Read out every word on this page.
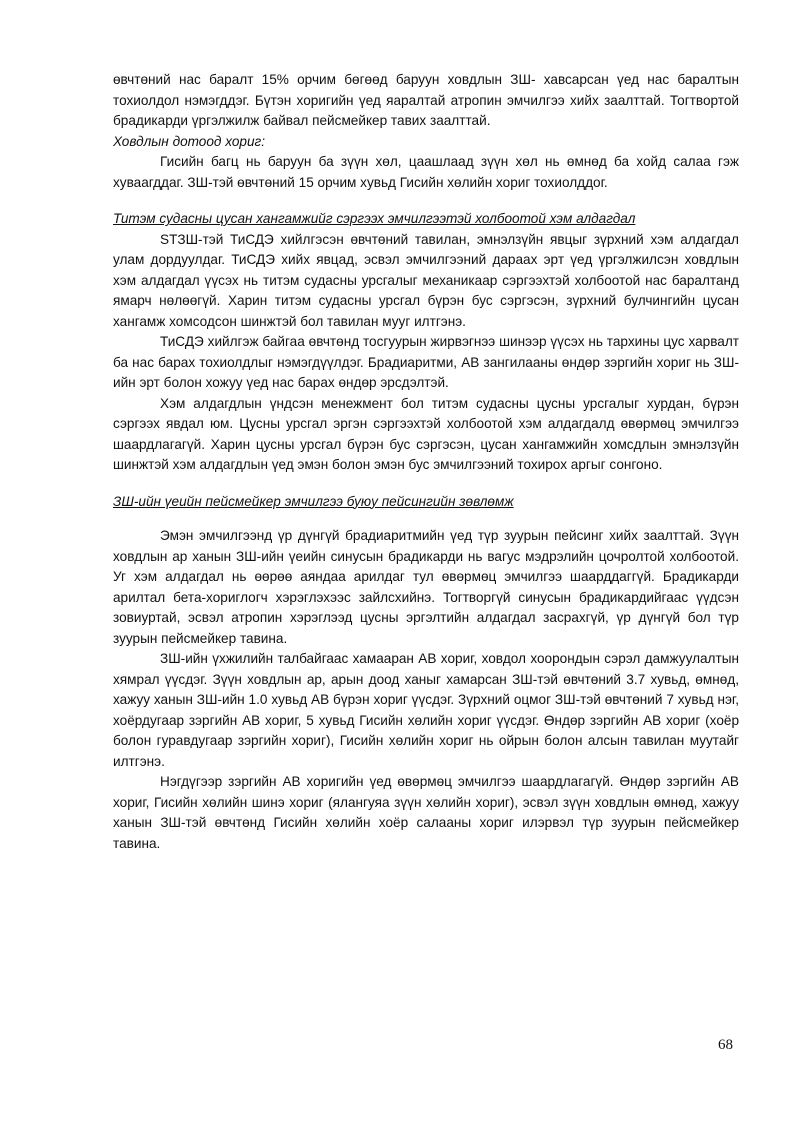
өвчтөний нас баралт 15% орчим бөгөөд баруун ховдлын ЗШ- хавсарсан үед нас баралтын тохиолдол нэмэгддэг. Бүтэн хоригийн үед яаралтай атропин эмчилгээ хийх заалттай. Тогтвортой брадикарди үргэлжилж байвал пейсмейкер тавих заалттай.

Ховдлын дотоод хориг:

Гисийн багц нь баруун ба зүүн хөл, цаашлаад зүүн хөл нь өмнөд ба хойд салаа гэж хуваагддаг. ЗШ-тэй өвчтөний 15 орчим хувьд Гисийн хөлийн хориг тохиолддог.

Титэм судасны цусан хангамжийг сэргээх эмчилгээтэй холбоотой хэм алдагдал

STЗШ-тэй ТиСДЭ хийлгэсэн өвчтөний тавилан, эмнэлзүйн явцыг зүрхний хэм алдагдал улам дордуулдаг. ТиСДЭ хийх явцад, эсвэл эмчилгээний дараах эрт үед үргэлжилсэн ховдлын хэм алдагдал үүсэх нь титэм судасны урсгалыг механикаар сэргээхтэй холбоотой нас баралтанд ямарч нөлөөгүй. Харин титэм судасны урсгал бүрэн бус сэргэсэн, зүрхний булчингийн цусан хангамж хомсодсон шинжтэй бол тавилан мууг илтгэнэ.

ТиСДЭ хийлгэж байгаа өвчтөнд тосгуурын жирвэгнээ шинээр үүсэх нь тархины цус харвалт ба нас барах тохиолдлыг нэмэгдүүлдэг. Брадиаритми, АВ зангилааны өндөр зэргийн хориг нь ЗШ-ийн эрт болон хожуу үед нас барах өндөр эрсдэлтэй.

Хэм алдагдлын үндсэн менежмент бол титэм судасны цусны урсгалыг хурдан, бүрэн сэргээх явдал юм. Цусны урсгал эргэн сэргээхтэй холбоотой хэм алдагдалд өвөрмөц эмчилгээ шаардлагагүй. Харин цусны урсгал бүрэн бус сэргэсэн, цусан хангамжийн хомсдлын эмнэлзүйн шинжтэй хэм алдагдлын үед эмэн болон эмэн бус эмчилгээний тохирох аргыг сонгоно.

ЗШ-ийн үеийн пейсмейкер эмчилгээ буюу пейсингийн зөвлөмж

Эмэн эмчилгээнд үр дүнгүй брадиаритмийн үед түр зуурын пейсинг хийх заалттай. Зүүн ховдлын ар ханын ЗШ-ийн үеийн синусын брадикарди нь вагус мэдрэлийн цочролтой холбоотой. Уг хэм алдагдал нь өөрөө аяндаа арилдаг тул өвөрмөц эмчилгээ шаарддаггүй. Брадикарди арилтал бета-хориглогч хэрэглэхээс зайлсхийнэ. Тогтворгүй синусын брадикардийгаас үүдсэн зовиуртай, эсвэл атропин хэрэглээд цусны эргэлтийн алдагдал засрахгүй, үр дүнгүй бол түр зуурын пейсмейкер тавина.

ЗШ-ийн үхжилийн талбайгаас хамааран АВ хориг, ховдол хоорондын сэрэл дамжуулалтын хямрал үүсдэг. Зүүн ховдлын ар, арын доод ханыг хамарсан ЗШ-тэй өвчтөний 3.7 хувьд, өмнөд, хажуу ханын ЗШ-ийн 1.0 хувьд АВ бүрэн хориг үүсдэг. Зүрхний оцмог ЗШ-тэй өвчтөний 7 хувьд нэг, хоёрдугаар зэргийн АВ хориг, 5 хувьд Гисийн хөлийн хориг үүсдэг. Өндөр зэргийн АВ хориг (хоёр болон гуравдугаар зэргийн хориг), Гисийн хөлийн хориг нь ойрын болон алсын тавилан муутайг илтгэнэ.

Нэгдүгээр зэргийн АВ хоригийн үед өвөрмөц эмчилгээ шаардлагагүй. Өндөр зэргийн АВ хориг, Гисийн хөлийн шинэ хориг (ялангуяа зүүн хөлийн хориг), эсвэл зүүн ховдлын өмнөд, хажуу ханын ЗШ-тэй өвчтөнд Гисийн хөлийн хоёр салааны хориг илэрвэл түр зуурын пейсмейкер тавина.

68
